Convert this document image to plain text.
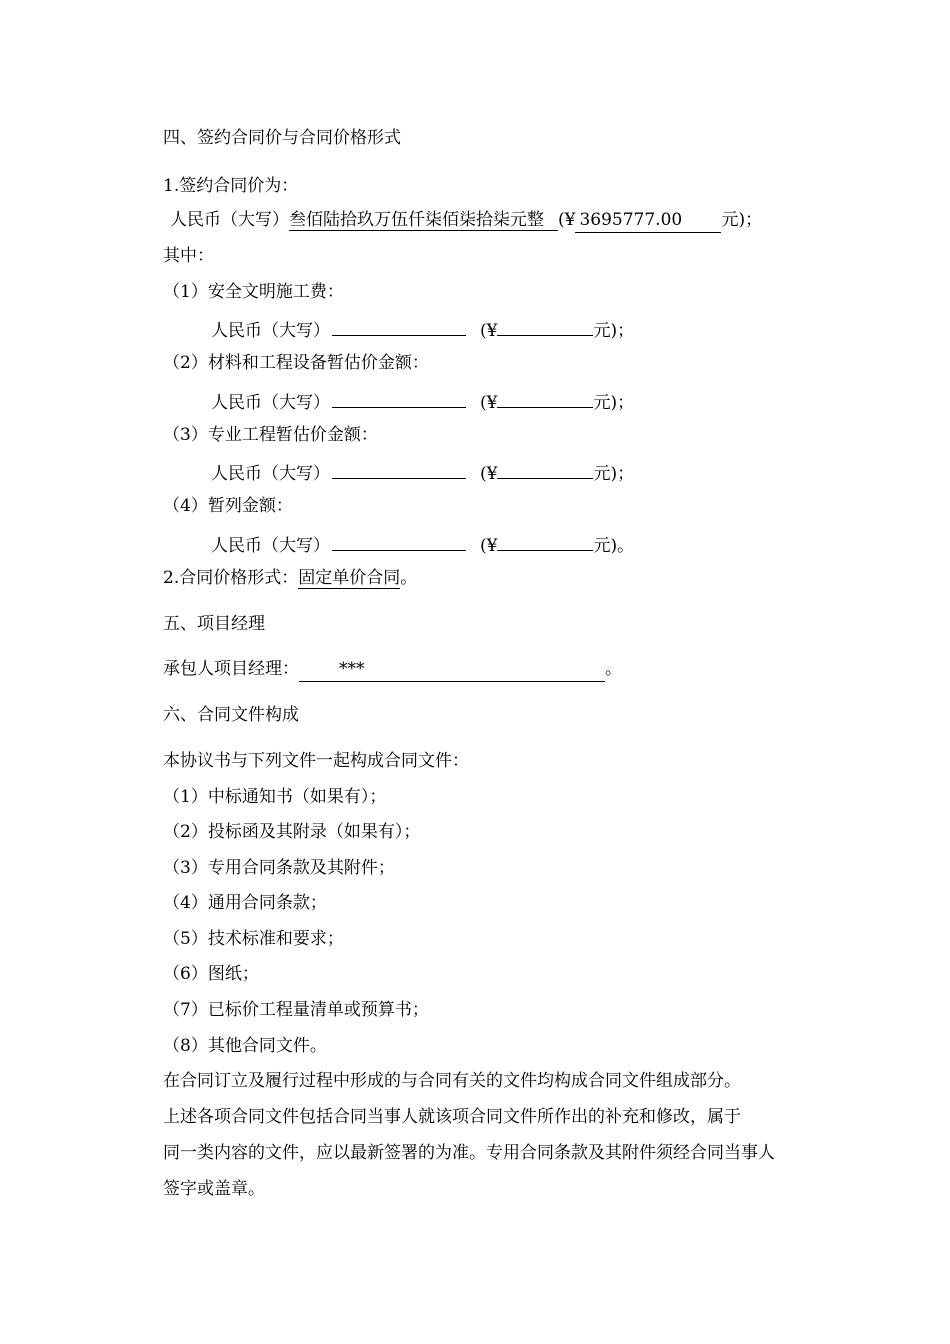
四、签约合同价与合同价格形式
1.签约合同价为：
人民币（大写）叁佰陆拾玖万伍仟柒佰柒拾柒元整 (¥ 3695777.00 元)；
其中：
（1）安全文明施工费：
人民币（大写）	(¥	元)；
（2）材料和工程设备暂估价金额：
人民币（大写）	(¥	元)；
（3）专业工程暂估价金额：
人民币（大写）	(¥	元)；
（4）暂列金额：
人民币（大写）	(¥	元)。
2.合同价格形式：固定单价合同。
五、项目经理
承包人项目经理： ***	。
六、合同文件构成
本协议书与下列文件一起构成合同文件：
（1）中标通知书（如果有）；
（2）投标函及其附录（如果有）；
（3）专用合同条款及其附件；
（4）通用合同条款；
（5）技术标准和要求；
（6）图纸；
（7）已标价工程量清单或预算书；
（8）其他合同文件。
在合同订立及履行过程中形成的与合同有关的文件均构成合同文件组成部分。
上述各项合同文件包括合同当事人就该项合同文件所作出的补充和修改，属于
同一类内容的文件，应以最新签署的为准。专用合同条款及其附件须经合同当事人
签字或盖章。
